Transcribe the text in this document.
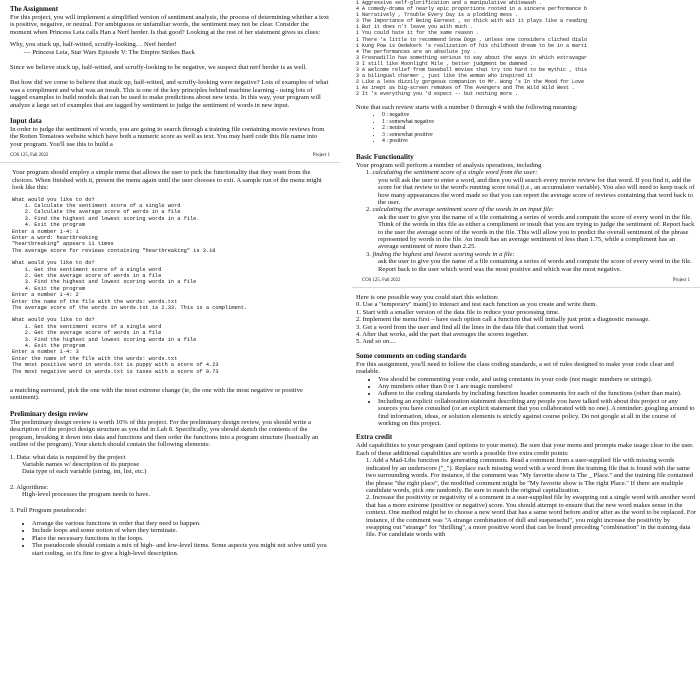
The Assignment
For this project, you will implement a simplified version of sentiment analysis, the process of determining whether a text is positive, negative, or neutral. For ambiguous or unfamiliar words, the sentiment may not be clear. Consider the moment when Princess Leia calls Han a Nerf herder. Is that good? Looking at the rest of her statement gives us clues:
Why, you stuck up, half-witted, scruffy-looking… Nerf herder!
— Princess Leia, Star Wars Episode V: The Empire Strikes Back
Since we believe stuck up, half-witted, and scruffy-looking to be negative, we suspect that nerf herder is as well.
But how did we come to believe that stuck up, half-witted, and scruffy-looking were negative? Lots of examples of what was a compliment and what was an insult. This is one of the key principles behind machine learning - using lots of tagged examples to build models that can be used to make predictions about new texts. In this way, your program will analyze a large set of examples that are tagged by sentiment to judge the sentiment of words in new input.
Input data
In order to judge the sentiment of words, you are going to search through a training file containing movie reviews from the Rotten Tomatoes website which have both a numeric score as well as text. You may hard code this file name into your program. You'll use this to build a
COS 125, Fall 2022	Project 1
Your program should employ a simple menu that allows the user to pick the functionality that they want from the choices. When finished with it, present the menu again until the user chooses to exit. A sample run of the menu might look like this:
What would you like to do?
1. Calculate the sentiment score of a single word
2. Calculate the average score of words in a file
3. Find the highest and lowest scoring words in a file.
4. Exit the program
Enter a number 1-4: 1
Enter a word: heartbreaking
"heartbreaking" appears 11 times
The average score for reviews containing "heartbreaking" is 3.18
What would you like to do?
1. Get the sentiment score of a single word
2. Get the average score of words in a file
3. Find the highest and lowest scoring words in a file
4. Exit the program
Enter a number 1-4: 2
Enter the name of the file with the words: words.txt
The average score of the words in words.txt is 2.33. This is a compliment.
What would you like to do?
1. Get the sentiment score of a single word
2. Get the average score of words in a file
3. Find the highest and lowest scoring words in a file
4. Exit the program
Enter a number 1-4: 3
Enter the name of the file with the words: words.txt
The most positive word in words.txt is puppy with a score of 4.23
The most negative word in words.txt is taxes with a score of 0.73
a matching surround, pick the one with the most extreme change (ie, the one with the most negative or positive sentiment).
Preliminary design review
The preliminary design review is worth 10% of this project. For the preliminary design review, you should write a description of the project design structure as you did in Lab 8. Specifically, you should sketch the contents of the program, breaking it down into data and functions and then order the functions into a program structure (basically an outline of the program). Your sketch should contain the following elements:
1. Data: what data is required by the project
Variable names w/ description of its purpose
Data type of each variable (string, int, list, etc.)
2. Algorithms:
High-level processes the program needs to have.
3. Full Program pseudocode:
• Arrange the various functions in order that they need to happen.
• Include loops and some notion of when they terminate.
• Place the necessary functions in the loops.
• The pseudocode should contain a mix of high- and low-level items. Some aspects you might not solve until you start coding, so it's fine to give a high-level description.
1 Aggressive self-glorification and a manipulative whitewash .
4 A comedy-drama of nearly epic proportions rooted in a sincere performance b
1 Narratively , Trouble Every Day is a plodding mess .
3 The Importance of Being Earnest , so thick with wit it plays like a reading
1 But it does n't leave you with much .
1 You could hate it for the same reason .
1 There 's little to recommend Snow Dogs , unless one considers cliched dialo
1 Kung Pow is Oedekerk 's realization of his childhood dream to be in a marti
4 The performances are an absolute joy .
3 Fresnadillo has something serious to say about the ways in which extravagar
3 I still like Moonlight Mile , better judgment be damned .
3 A welcome relief from baseball movies that try too hard to be mythic , this
3 a bilingual charmer , just like the woman who inspired it
2 Like a less dizzily gorgeous companion to Mr. Wong 's In the Mood for Love
1 As inept as big-screen remakes of The Avengers and The Wild Wild West .
2 It 's everything you 'd expect -- but nothing more .
Note that each review starts with a number 0 through 4 with the following meaning:
• 0 : negative
• 1 : somewhat negative
• 2 : neutral
• 3 : somewhat positive
• 4 : positive
Basic Functionality
Your program will perform a number of analysis operations, including
1. calculating the sentiment score of a single word from the user:
you will ask the user to enter a word, and then you will search every movie review for that word. If you find it, add the score for that review to the word's running score total (i.e., an accumulator variable). You also will need to keep track of how many appearances the word made so that you can report the average score of reviews containing that word back to the user.
2. calculating the average sentiment score of the words in an input file:
ask the user to give you the name of a file containing a series of words and compute the score of every word in the file. Think of the words in this file as either a compliment or insult that you are trying to judge the sentiment of. Report back to the user the average score of the words in the file. This will allow you to predict the overall sentiment of the phrase represented by words in the file. An insult has an average sentiment of less than 1.75, while a compliment has an average sentiment of more than 2.25.
3. finding the highest and lowest scoring words in a file:
ask the user to give you the name of a file containing a series of words and compute the score of every word in the file. Report back to the user which word was the most positive and which was the most negative.
COS 125, Fall 2022	Project 1
Here is one possible way you could start this solution:
0. Use a "temporary" main() to interact and test each function as you create and write them.
1. Start with a smaller version of the data file to reduce your processing time.
2. Implement the menu first – have each option call a function that will initially just print a diagnostic message.
3. Get a word from the user and find all the lines in the data file that contain that word.
4. After that works, add the part that averages the scores together.
5. And so on....
Some comments on coding standards
For this assignment, you'll need to follow the class coding standards, a set of rules designed to make your code clear and readable.
• You should be commenting your code, and using constants in your code (not magic numbers or strings).
• Any numbers other than 0 or 1 are magic numbers!
• Adhere to the coding standards by including function header comments for each of the functions (other than main).
• Including an explicit collaboration statement describing any people you have talked with about this project or any sources you have consulted (or an explicit statement that you collaborated with no one). A reminder: googling around to find information, ideas, or solution elements is strictly against course policy. Do not google at all in the course of working on this project.
Extra credit
Add capabilities to your program (and options to your menu). Be sure that your menu and prompts make usage clear to the user. Each of these additional capabilities are worth a possible five extra credit points:
1. Add a Mad-Libs function for generating comments. Read a comment from a user-supplied file with missing words indicated by an underscore ("_"). Replace each missing word with a word from the training file that is found with the same two surrounding words. For instance, if the comment was "My favorite show is The _ Place." and the training file contained the phrase "the right place", the modified comment might be "My favorite show is The right Place." If there are multiple candidate words, pick one randomly. Be sure to match the original capitalization.
2. Increase the positivity or negativity of a comment in a user-supplied file by swapping out a single word with another word that has a more extreme (positive or negative) score. You should attempt to ensure that the new word makes sense in the context. One method might be to choose a new word that has a same word before and/or after as the word to be replaced. For instance, if the comment was "A strange combination of dull and suspenseful", you might increase the positivity by swapping out "strange" for "thrilling", a more positive word that can be found preceding "combination" in the training data file. For candidate words with
